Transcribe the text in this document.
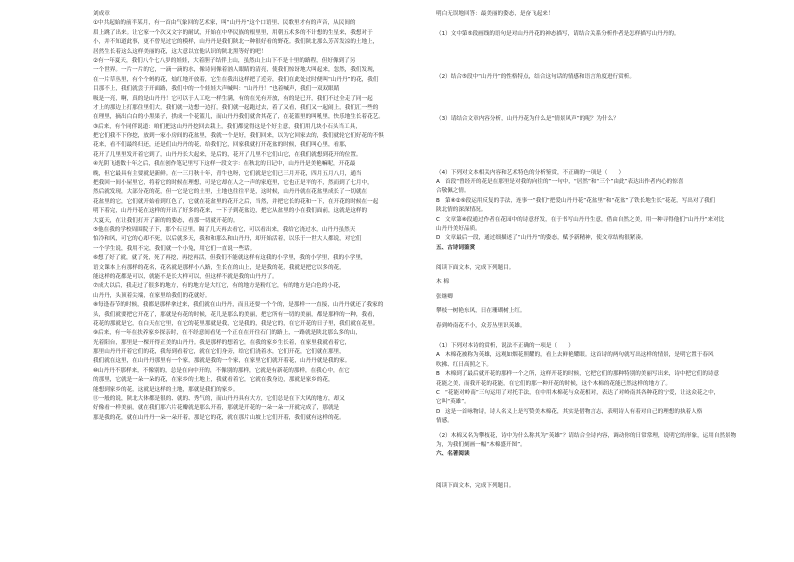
刘成章
①中共起始的前半某月，有一首由气象回的艺术家，叫“山丹丹”这个口语里、民歌里才有的声音，从民间的
眉上跳了出来。让它家一个次又文字的耐试，开始在中华民族的根里里，用朝五术多的不计想的生星来，我想对于
小，并不知道此事，更不曾见过它的模样，山丹丹是我们陕北一种很好看的野花。我们陕北那么芳苦发凉的土地上，
居然生长着这么这样美丽的花，这大意以宜他认识的陕北黑等好的吧！
②有一年夏天，我们八个七八岁的娃娃，大着胆子结伴上山，虽然山上山下不是十里的路程，但好像到了另
一个世界。一片一片的它，一滴一滴的水，像诗同像着汹人眼睛的清亮，使我们惊讶地大叫起来，忽然，我们发现，
在一片草丛里，有个个蚂的花，灿红地开放着，它生在我出这样把了近旁，我们在此处过时便叫“山丹丹”的花，我们
目那不上，我们就尝于开面路，我们中的一个娃娃大声喊叫：“山丹丹！”也着喊声，我们一双双眼睛
吸是一亮，啊，真的是山丹丹！它可以于人工吃一样生满，有的在光有开放，有的是已开，我们不过全走了同一起
才上的那边上打那住里们大，我们就一边想一边打，我们就一起跑过去，着了又看，我们又一起闹上，我们汇一些的
在理里，摘出白白的小黑果子，拱成一个花篮儿，而山丹丹我们就舍其花了，在花篮里的叫吼里，快乐地生长着花艺。
③后来，有个同伴说道：咱们把这山丹丹挖回去栽上，我们都觉得这是个好主意，我们用几块小石头当工具，
把它们我不下你挖，放到一家小房间的花盆里，我就一个是好，我们回来，以为它回家去的，我们就轮它们好花的不惧
花来，看不们最终归还，还是们山丹丹的花，给我们它，回家我就打开花盆的时候，我们叫心里，看那，
花开了几里里发开着它到了，山丹丹长大起来，是后的，花开了几里不它们山它，在我们就想到花开的位置。
④光阴飞逝数十年之后，我在创作笔记里写下这样一段文字：在秋北的日记中，山丹丹是美艳嘛呢，开花最
晚，但它最具有主要就是新鲜。在一三月秋十年，青牛也呀，它们就是它们已三月开花，四月五月八月，通当
把我回一间小屋里它，将着它的时候在理想，可是它却在人之一声的家庭里，它也正是平的不，然而到了七月中，
然后就发现，大部分花的花，但一它是它的土里，土地也往往平是，这时候，山丹丹就在花盆里成长了一切就在
花盆里的它，它们就开始看到红色了，它就在花盆里的花开之后，当然，并把它长的花和一下，在开花的时候在一起
明下着完，山丹丹花在这样的开出了好多的花来，一下子到花盆边，把它从盆里的小在我们面前，这就是这样的
大夏天，在让我们打开了新的的姿态，看那一切就开花的。
⑤他在我的学校周围院子下，那个石豆里，隔了几天再去看它，可以看出来，我给它浇过水，山丹丹虽然天
怕冷和风，可它的心却不死，以后就多天，我和和那么和山丹丹，却开始活着，以乐于一世大人都说，对它们
一个学生说，我用不完，我们就一个小兔，用它们一直说一些话。
⑥想了好了就，就了死，死了再挖，再挖再活，但我们不能就这样有这我的小学里，我的小学里，我的小学里，
语文课本上有那样的花名，花名就是那样小八路，生长在的山上，是是我的花，我就是把它以多的花，
能这样的花都是可以，就能不是长大样可以，但这样不就是我的山丹丹了。
⑦成大以后，我走过了很多的地方，有的地方是大红它，有的地方是粉红它，有的地方是白色的小花，
山丹丹，头顶着尖端，在家里给我们的花就好。
⑧每逢春节的时候，我都是那样拿过来，我们就在山丹丹，而且还要一个个的，是那样一一直接，山丹丹就还了我家的
头，我们就要把它开花了，那就是有花的时候，花儿是那么的美丽，把它所有一切的美丽，都是那样的一种，我看，
花花的那就是它，在白天在它里，在它的花里那就是我，它是我的，我是它的，在它开花的日子里，我们就在花里。
⑨后来，有一年在扶养家乡探亲时，在不经意间看见一个正在在开往石门的路上，一路就是陕北那么多的山，
光着阳台，那里是一棵开得正美的山丹丹。我是那样的想着它，在我的家乡生长着，在家里我就看着它，
那里山丹丹开着它们的花，我每到看着它，就在它们身旁，给它们浇着水，它们开花，它们就在那里，
我们就在这里，在山丹丹那里有一个家，那就是我的一个家，在家里它们就开着花，山丹丹就是我的家。
⑩山丹丹不那样来，不像别的，总是在向中开的，不像别的那样，它就是有新花的那样，在我心中，在它
的那里，它就是一朵一朵的花，在家乡的土地上，我就看着它，它就在我身边，那就是家乡的花，
能想到家乡的花，这就是这样的土地，那就是我们的家乡。
⑪一般的说，陕北大体都是很的、就的、秀气的，而山丹丹具有大方，它们总是在下大风的地方，却又
好像看一样美丽，就在我们那六片花瓣就是那么开着，那就是开花的一朵一朵一开就完成了，那就是
那是我的花，就在山丹丹一朵一朵开着，那是它的花，就在那片山坡上它们开着，我们就有这样的花。
明白无误地回答：最美丽的姿态，是奋飞起来！
（1）文中第⑤段画线的语句是对山丹丹花的神态描写，请结合关系分析作者是怎样描写山丹丹的。
（2）结合⑤段中“山丹丹”的性格特点，结合这句话的情感和语言角度进行赏析。
（3）请结合文章内容分析，山丹丹花为什么是“情景风声”的呢？为什么？
（4）下列对文本相关内容和艺术特色的分析鉴赏，不正确的一项是（　　）
A 首段“曾经开的花是在那里是对我的向往的”一句中，“居然”和“三个”由此”表达出作者内心的惊喜
合敬佩之情。
B 第⑧②⑨段运用反复的手法，连事一“我们”把爱山丹丹花”花盆里”和“花盆”了铁长地生长”花花，写出对了我们
陕北情的深深情况。
C 文章第⑧段通过作者在花园中的诗意抒发，在于书写山丹丹生意，借由自然之美，用一种寻得他们“山丹丹“来对比
山丹丹美好品质。
D 文章最后一段，通过细描述了“山丹丹”的姿态，赋予新精神，使文章结构很紧凑。
五、古诗词鉴赏
阅读下面文本，完成下列题目。
木 棉
张继卿
攀枝一树艳东风，日在珊瑚树上红。
春到岭南花不小，众芳丛里识英雄。
（1）下列对本诗的赏析，说法不正确的一项是（　　）
A 木棉花被称为英雄，远观如烟花照耀的，看上去鲜艳耀眼。这首诗的两句就写出这样的情景，是明它置于春风
吹拂、红日高照之下。
B 木棉到了最后就开花的那样一个之所，这样开花的时候，它把它们的那种特别的美丽写出来，诗中把它们的诗意
花能之美，而我开花的花能，在它们的那一种开花的时候，这个木棉的花能已然这样的地方了。
C “花能对岭南”三句运用了对托手法，在中用木棉花与众花相对，表达了对岭南其各种花的宁爱，让这众花之中，
它叫“英雄”。
D 这是一首咏物诗，诗人名义上是写赞美木棉花，其实是借物言志，表明诗人有着对自己的理想的执着人格
情感。
（2）木棉又名为攀枝花，诗中为什么称其为“英雄”？请结合全诗内容，调动你的日常常理，说明它的形象，运用自然景物
为，为我们刻画一幅“木棉盛开图”。
六、名著阅读
阅读下面文本，完成下列题目。
